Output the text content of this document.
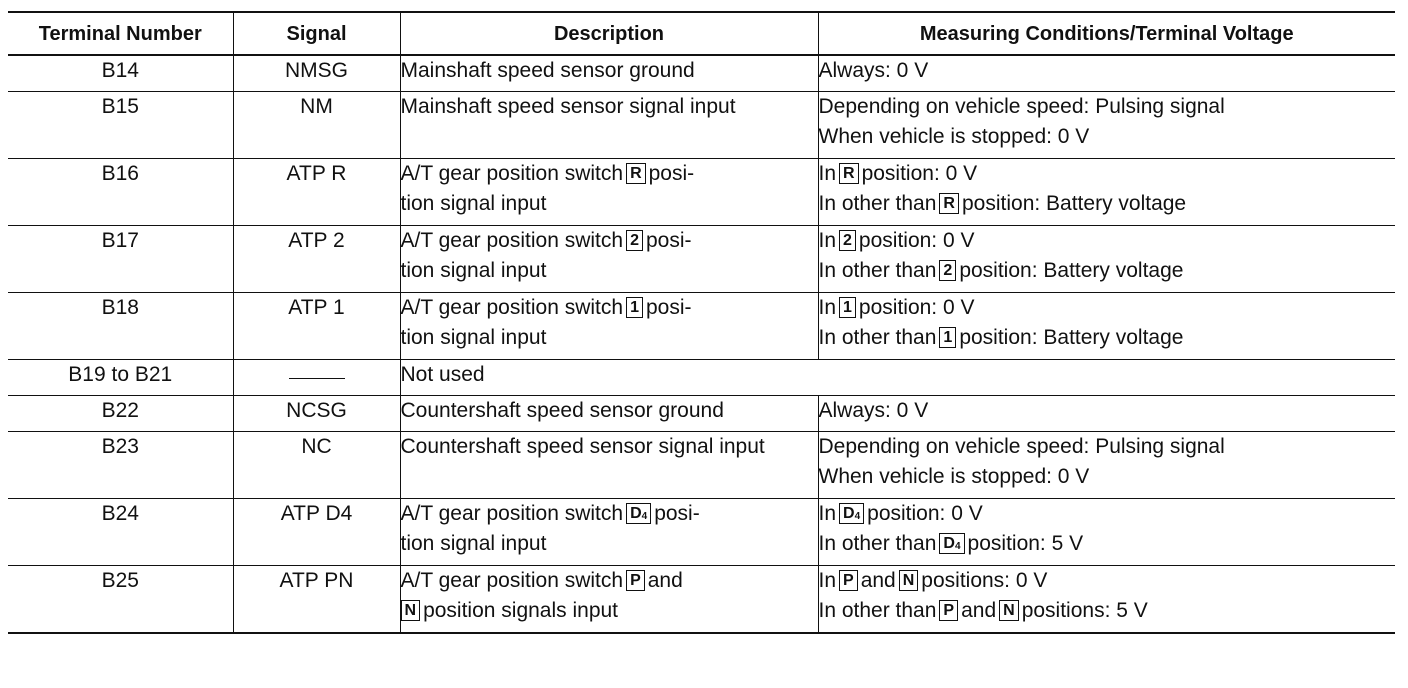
Terminal Number	Signal	Description	Measuring Conditions/Terminal Voltage
B14	NMSG	Mainshaft speed sensor ground	Always: 0 V

B15	NM	Mainshaft speed sensor signal input	Depending on vehicle speed: Pulsing signal
When vehicle is stopped: 0 V

B16	ATP R	A/T gear position switch R posi-
tion signal input	In R position: 0 V
In other than R position: Battery voltage

B17	ATP 2	A/T gear position switch 2 posi-
tion signal input	In 2 position: 0 V
In other than 2 position: Battery voltage

B18	ATP 1	A/T gear position switch 1 posi-
tion signal input	In 1 position: 0 V
In other than 1 position: Battery voltage

B19 to B21		Not used	
B22	NCSG	Countershaft speed sensor ground	Always: 0 V

B23	NC	Countershaft speed sensor signal input	Depending on vehicle speed: Pulsing signal
When vehicle is stopped: 0 V

B24	ATP D4	A/T gear position switch $D_4$ posi-
tion signal input	In $D_4$ position: 0 V
In other than $D_4$ position: 5 V

B25	ATP PN	A/T gear position switch P and
N position signals input	In P and N positions: 0 V
In other than P and N positions: 5 V
